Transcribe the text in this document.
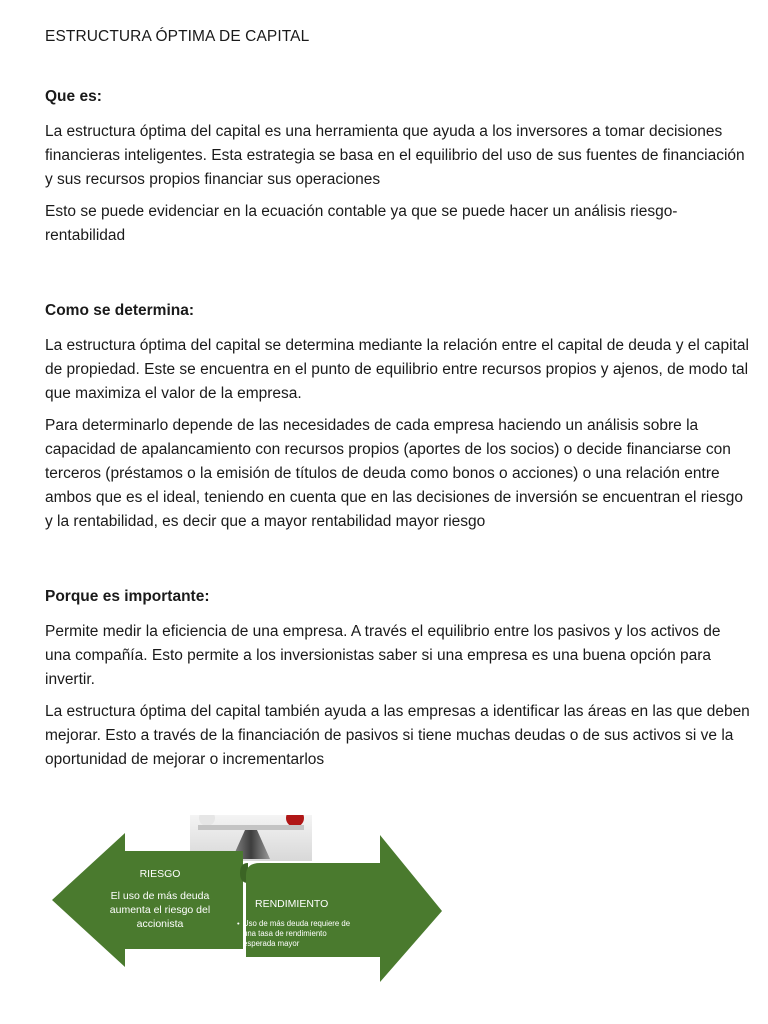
ESTRUCTURA ÓPTIMA DE CAPITAL
Que es:

La estructura óptima del capital es una herramienta que ayuda a los inversores a tomar decisiones financieras inteligentes. Esta estrategia se basa en el equilibrio del uso de sus fuentes de financiación y sus recursos propios financiar sus operaciones

Esto se puede evidenciar en la ecuación contable ya que se puede hacer un análisis riesgo-rentabilidad

Como se determina:

La estructura óptima del capital se determina mediante la relación entre el capital de deuda y el capital de propiedad. Este se encuentra en el punto de equilibrio entre recursos propios y ajenos, de modo tal que maximiza el valor de la empresa.

Para determinarlo depende de las necesidades de cada empresa haciendo un análisis sobre la capacidad de apalancamiento con recursos propios (aportes de los socios) o decide financiarse con terceros (préstamos o la emisión de títulos de deuda como bonos o acciones) o una relación entre ambos que es el ideal, teniendo en cuenta que en las decisiones de inversión se encuentran el riesgo y la rentabilidad, es decir que a mayor rentabilidad mayor riesgo

Porque es importante:

Permite medir la eficiencia de una empresa. A través el equilibrio entre los pasivos y los activos de una compañía. Esto permite a los inversionistas saber si una empresa es una buena opción para invertir.

La estructura óptima del capital también ayuda a las empresas a identificar las áreas en las que deben mejorar. Esto a través de la financiación de pasivos si tiene muchas deudas o de sus activos si ve la oportunidad de mejorar o incrementarlos

RIESGO
El uso de más deuda
aumenta el riesgo del
accionista
RENDIMIENTO
• Uso de más deuda requiere de
una tasa de rendimiento
esperada mayor
